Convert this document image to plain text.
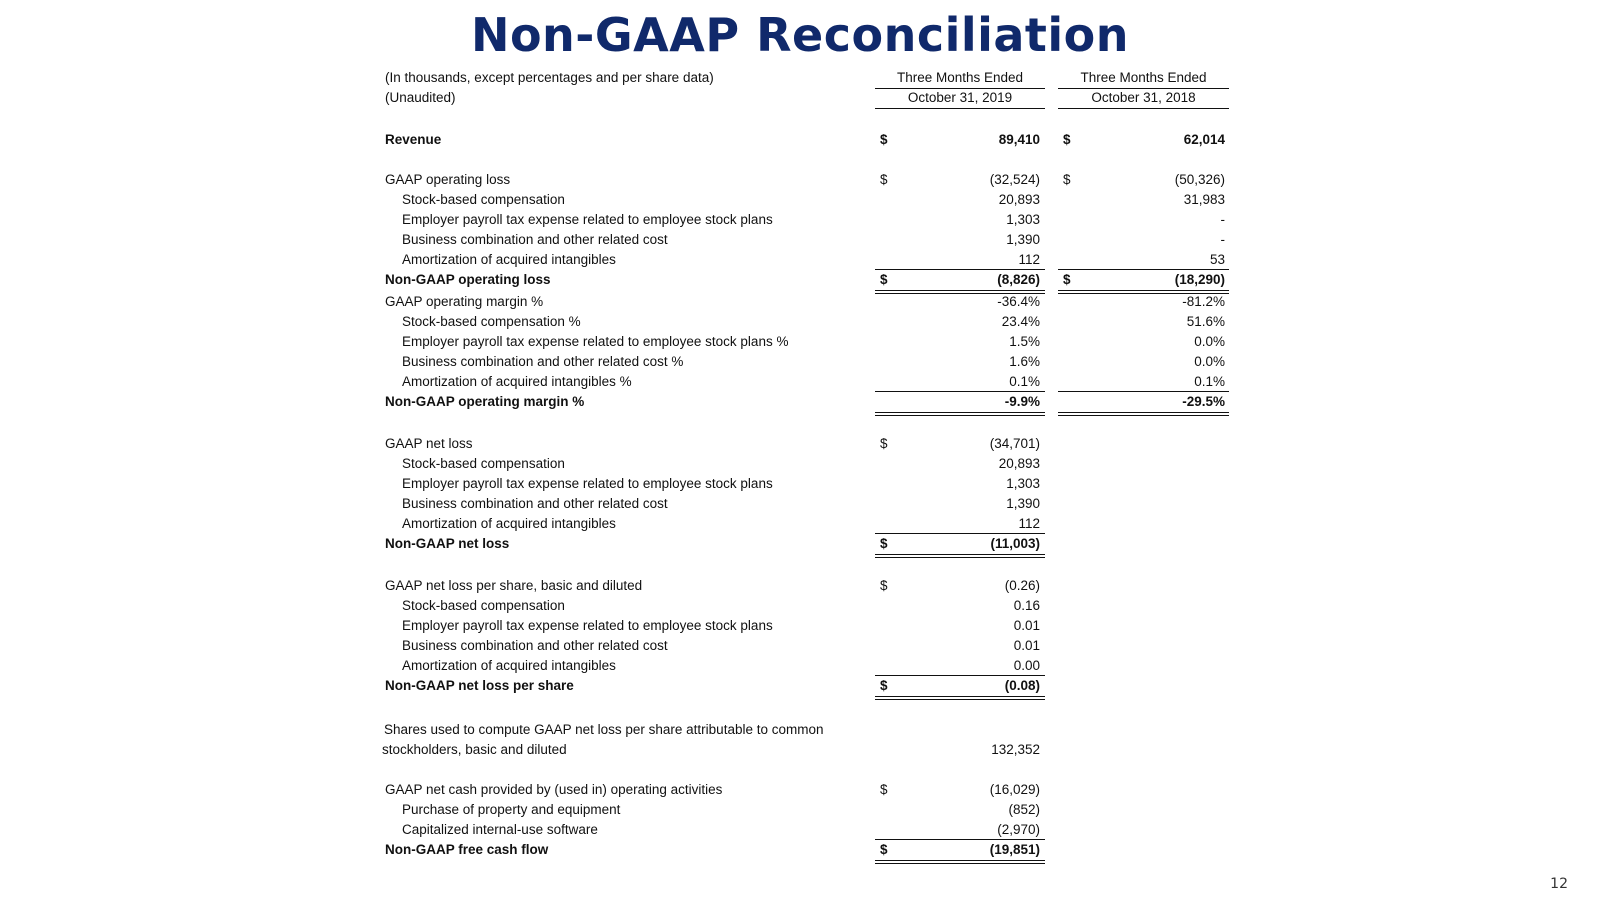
Non-GAAP Reconciliation
(In thousands, except percentages and per share data)	Three Months Ended	Three Months Ended
(Unaudited)	October 31, 2019	October 31, 2018
Revenue	$	89,410 $	62,014
GAAP operating loss	$	(32,524) $	(50,326)
Stock-based compensation	20,893	31,983
Employer payroll tax expense related to employee stock plans	1,303	-
Business combination and other related cost	1,390	-
Amortization of acquired intangibles	112	53
Non-GAAP operating loss	$	(8,826) $	(18,290)
GAAP operating margin %	-36.4%	-81.2%
Stock-based compensation %	23.4%	51.6%
Employer payroll tax expense related to employee stock plans %	1.5%	0.0%
Business combination and other related cost %	1.6%	0.0%
Amortization of acquired intangibles %	0.1%	0.1%
Non-GAAP operating margin %	-9.9%	-29.5%
GAAP net loss	$	(34,701)
Stock-based compensation	20,893
Employer payroll tax expense related to employee stock plans	1,303
Business combination and other related cost	1,390
Amortization of acquired intangibles	112
Non-GAAP net loss	$	(11,003)
GAAP net loss per share, basic and diluted	$	(0.26)
Stock-based compensation	0.16
Employer payroll tax expense related to employee stock plans	0.01
Business combination and other related cost	0.01
Amortization of acquired intangibles	0.00
Non-GAAP net loss per share	$	(0.08)
Shares used to compute GAAP net loss per share attributable to common
stockholders, basic and diluted	132,352
GAAP net cash provided by (used in) operating activities	$	(16,029)
Purchase of property and equipment	(852)
Capitalized internal-use software	(2,970)
Non-GAAP free cash flow	$	(19,851)
12
